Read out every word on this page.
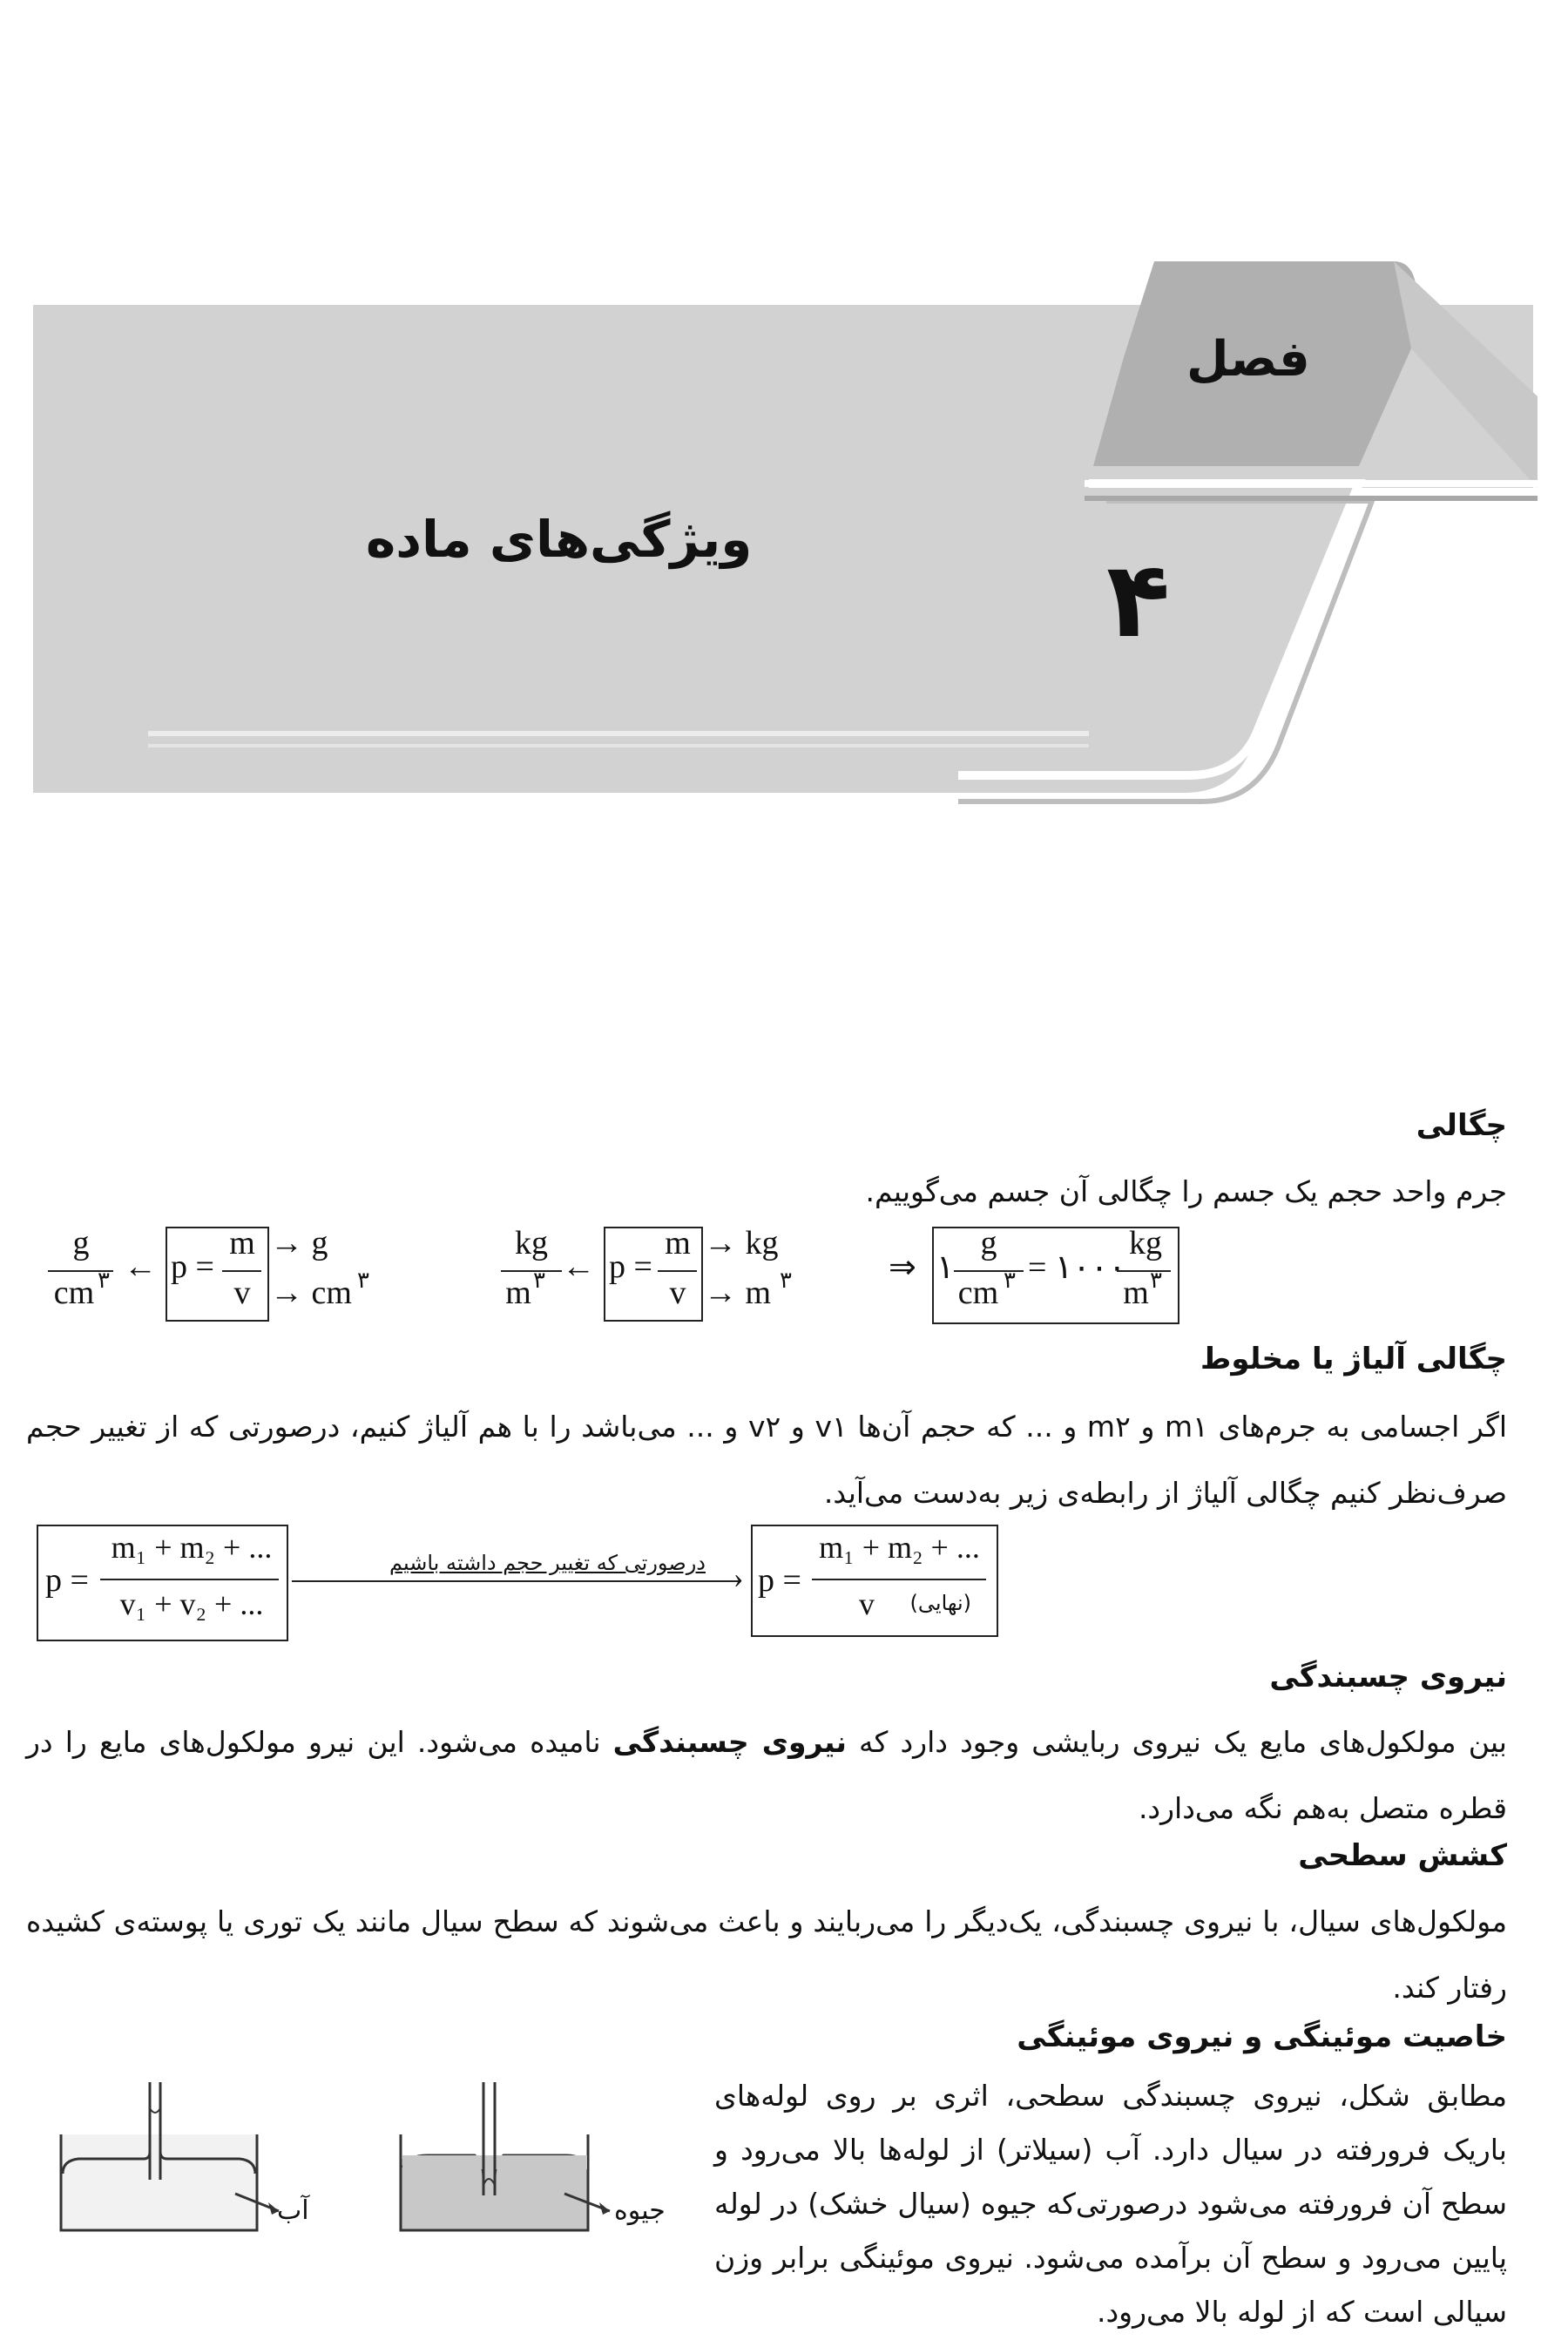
فصل
۴
ویژگی‌های ماده
چگالی
جرم واحد حجم یک جسم را چگالی آن جسم می‌گوییم.
g
cm ۳ ← p =
m
v
→ g
→ cm ۳
kg
m ۳ ← p =
m
v
→ kg
→ m ۳	⇒ ۱
g
cm ۳ = ۱۰۰۰
kg
m ۳
چگالی آلیاژ یا مخلوط
اگر اجسامی به جرم‌های m۱ و m۲ و ... که حجم آن‌ها v۱ و v۲ و ... می‌باشد را با هم آلیاژ کنیم، درصورتی که از تغییر حجم صرف‌نظر کنیم چگالی آلیاژ از رابطه‌ی زیر به‌دست می‌آید.
p =
m₁ + m₂ + ...
v₁ + v₂ + ...
›
درصورتی که تغییر حجم داشته باشیم p =
m₁ + m₂ + ...
v	(نهایی)
نیروی چسبندگی
بین مولکول‌های مایع یک نیروی ربایشی وجود دارد که نیروی چسبندگی نامیده می‌شود. این نیرو مولکول‌های مایع را در قطره متصل به‌هم نگه می‌دارد.
کشش سطحی
مولکول‌های سیال، با نیروی چسبندگی، یک‌دیگر را می‌ربایند و باعث می‌شوند که سطح سیال مانند یک توری یا پوسته‌ی کشیده رفتار کند.
خاصیت موئینگی و نیروی موئینگی
مطابق شکل، نیروی چسبندگی سطحی، اثری بر روی لوله‌های باریک فرورفته در سیال دارد. آب (سیلاتر) از لوله‌ها بالا می‌رود و سطح آن فرورفته می‌شود درصورتی‌که جیوه (سیال خشک) در لوله پایین می‌رود و سطح آن برآمده می‌شود. نیروی موئینگی برابر وزن سیالی است که از لوله بالا می‌رود.
آب	جیوه
